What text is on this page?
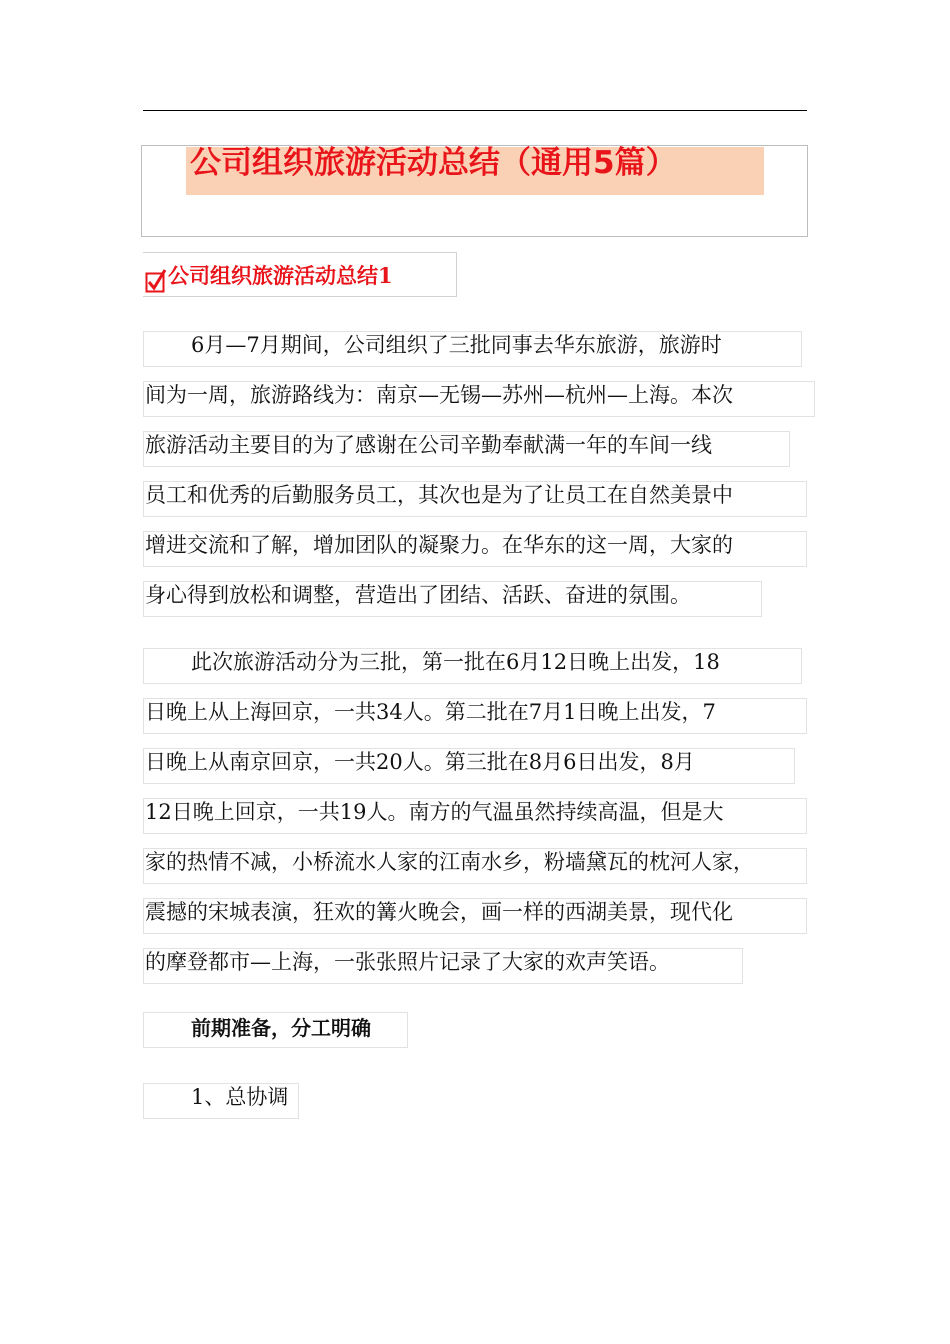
公司组织旅游活动总结（通用5篇）
公司组织旅游活动总结1
6月—7月期间，公司组织了三批同事去华东旅游，旅游时
间为一周，旅游路线为：南京—无锡—苏州—杭州—上海。本次
旅游活动主要目的为了感谢在公司辛勤奉献满一年的车间一线
员工和优秀的后勤服务员工，其次也是为了让员工在自然美景中
增进交流和了解，增加团队的凝聚力。在华东的这一周，大家的
身心得到放松和调整，营造出了团结、活跃、奋进的氛围。
此次旅游活动分为三批，第一批在6月12日晚上出发，18
日晚上从上海回京，一共34人。第二批在7月1日晚上出发，7
日晚上从南京回京，一共20人。第三批在8月6日出发，8月
12日晚上回京，一共19人。南方的气温虽然持续高温，但是大
家的热情不减，小桥流水人家的江南水乡，粉墙黛瓦的枕河人家，
震撼的宋城表演，狂欢的篝火晚会，画一样的西湖美景，现代化
的摩登都市—上海，一张张照片记录了大家的欢声笑语。
前期准备，分工明确
1、总协调
